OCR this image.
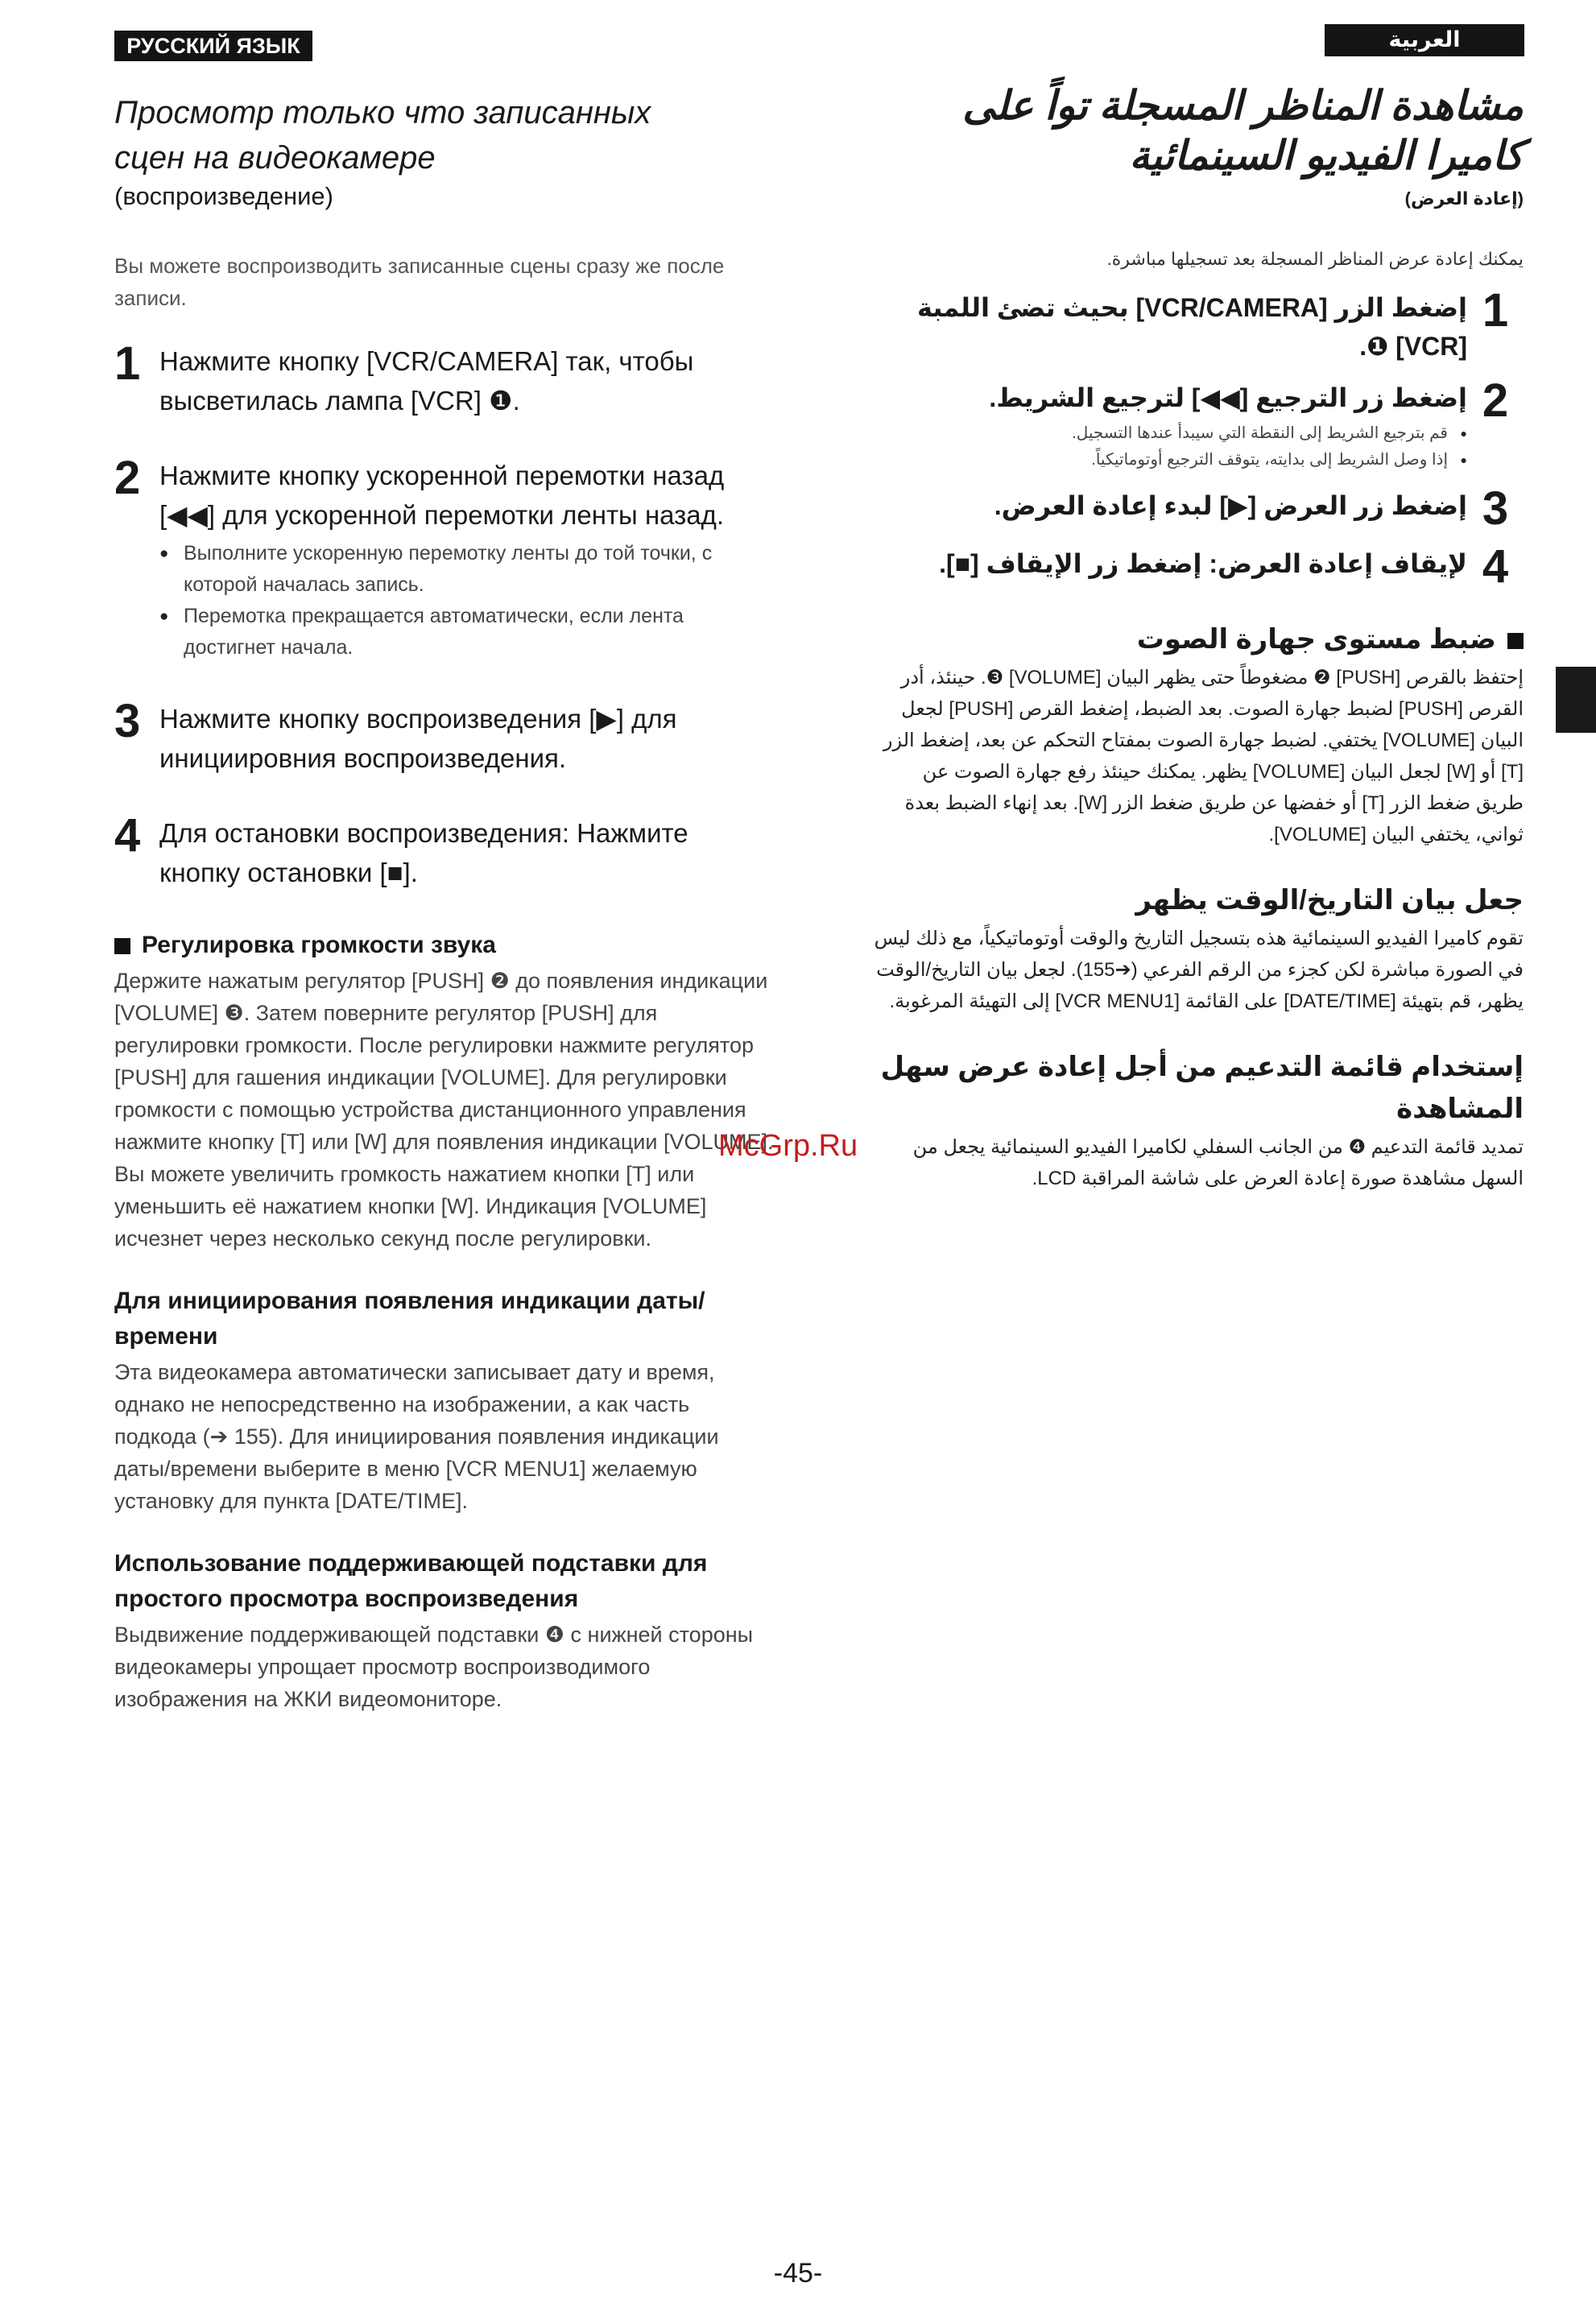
РУССКИЙ ЯЗЫК	العربية
Просмотр только что записанных
сцен на видеокамере
(воспроизведение)

Вы можете воспроизводить записанные сцены сразу же после записи.

1 Нажмите кнопку [VCR/CAMERA] так, чтобы высветилась лампа [VCR] ❶.
2 Нажмите кнопку ускоренной перемотки назад [◀◀] для ускоренной перемотки ленты назад.
● Выполните ускоренную перемотку ленты до той точки, с которой началась запись.
● Перемотка прекращается автоматически, если лента достигнет начала.
3 Нажмите кнопку воспроизведения [▶] для инициировния воспроизведения.
4 Для остановки воспроизведения: Нажмите кнопку остановки [■].
Регулировка громкости звука

Держите нажатым регулятор [PUSH] ❷ до появления индикации [VOLUME] ❸. Затем поверните регулятор [PUSH] для регулировки громкости. После регулировки нажмите регулятор [PUSH] для гашения индикации [VOLUME]. Для регулировки громкости с помощью устройства дистанционного управления нажмите кнопку [T] или [W] для появления индикации [VOLUME]. Вы можете увеличить громкость нажатием кнопки [T] или уменьшить её нажатием кнопки [W]. Индикация [VOLUME] исчезнет через несколько секунд после регулировки.

Для инициирования появления индикации даты/времени

Эта видеокамера автоматически записывает дату и время, однако не непосредственно на изображении, а как часть подкода (➔ 155). Для инициирования появления индикации даты/времени выберите в меню [VCR MENU1] желаемую установку для пункта [DATE/TIME].

Использование поддерживающей подставки для простого просмотра воспроизведения

Выдвижение поддерживающей подставки ❹ с нижней стороны видеокамеры упрощает просмотр воспроизводимого изображения на ЖКИ видеомониторе.

McGrp.Ru
مشاهدة المناظر المسجلة تواً على
كاميرا الفيديو السينمائية
(إعادة العرض)

يمكنك إعادة عرض المناظر المسجلة بعد تسجيلها مباشرة.

1
إضغط الزر [VCR/CAMERA] بحيث تضئ اللمبة [VCR] ❶.
2
إضغط زر الترجيع [◀◀] لترجيع الشريط.
● قم بترجيع الشريط إلى النقطة التي سيبدأ عندها التسجيل.
● إذا وصل الشريط إلى بدايته، يتوقف الترجيع أوتوماتيكياً.
3
إضغط زر العرض [▶] لبدء إعادة العرض.
4
لإيقاف إعادة العرض: إضغط زر الإيقاف [■].
ضبط مستوى جهارة الصوت

إحتفظ بالقرص [PUSH] ❷ مضغوطاً حتى يظهر البيان [VOLUME] ❸. حينئذ، أدر القرص [PUSH] لضبط جهارة الصوت. بعد الضبط، إضغط القرص [PUSH] لجعل البيان [VOLUME] يختفي. لضبط جهارة الصوت بمفتاح التحكم عن بعد، إضغط الزر [T] أو [W] لجعل البيان [VOLUME] يظهر. يمكنك حينئذ رفع جهارة الصوت عن طريق ضغط الزر [T] أو خفضها عن طريق ضغط الزر [W]. بعد إنهاء الضبط بعدة ثواني، يختفي البيان [VOLUME].

جعل بيان التاريخ/الوقت يظهر

تقوم كاميرا الفيديو السينمائية هذه بتسجيل التاريخ والوقت أوتوماتيكياً، مع ذلك ليس في الصورة مباشرة لكن كجزء من الرقم الفرعي (➔155). لجعل بيان التاريخ/الوقت يظهر، قم بتهيئة [DATE/TIME] على القائمة [VCR MENU1] إلى التهيئة المرغوبة.

إستخدام قائمة التدعيم من أجل إعادة عرض سهل المشاهدة

تمديد قائمة التدعيم ❹ من الجانب السفلي لكاميرا الفيديو السينمائية يجعل من السهل مشاهدة صورة إعادة العرض على شاشة المراقبة LCD.

-45-
